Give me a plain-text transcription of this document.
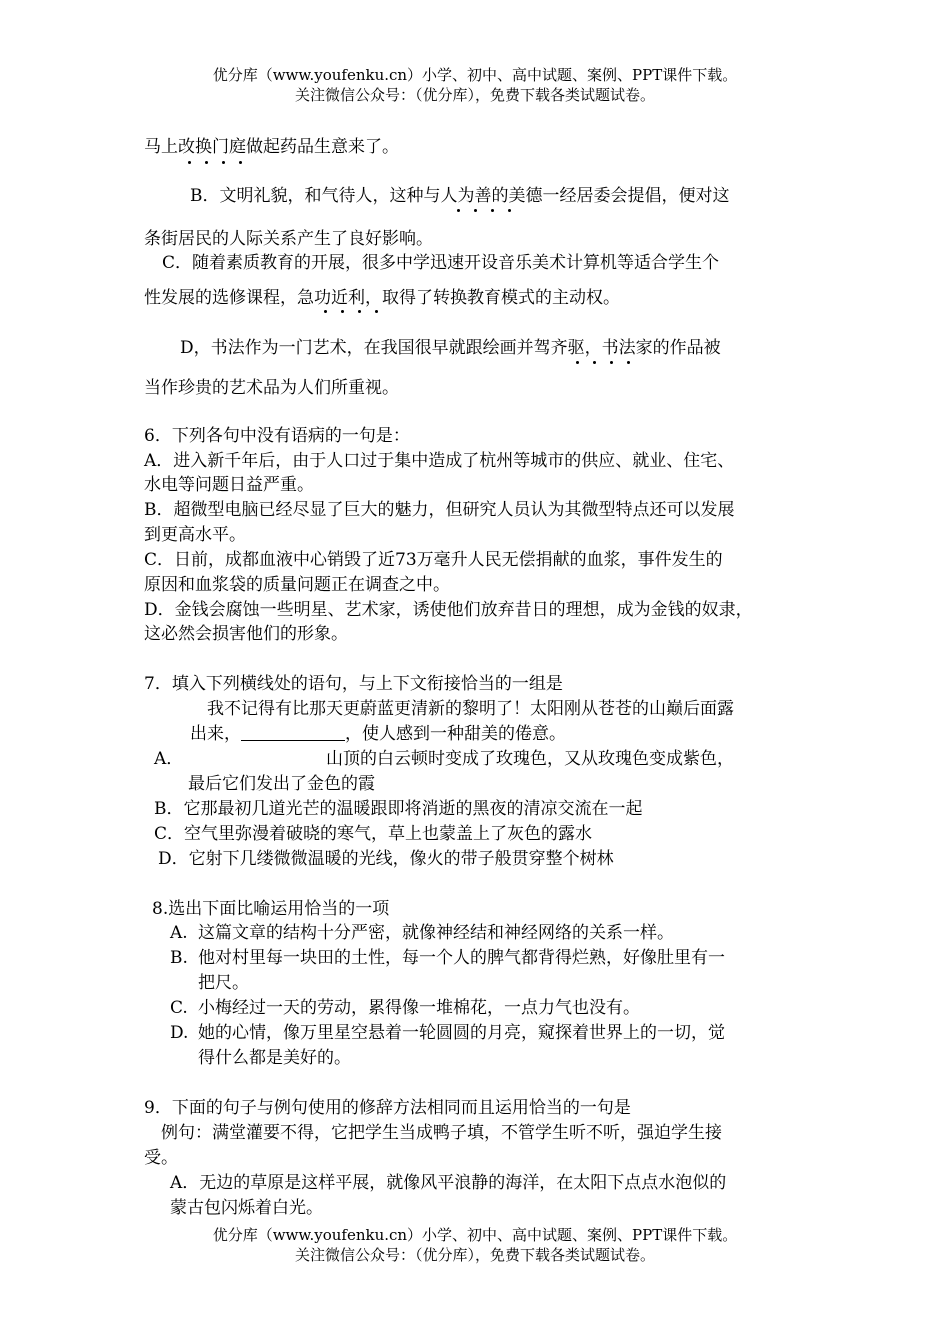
优分库（www.youfenku.cn）小学、初中、高中试题、案例、PPT课件下载。
关注微信公众号：（优分库），免费下载各类试题试卷。
马上改换门庭做起药品生意来了。
B．文明礼貌，和气待人，这种与人为善的美德一经居委会提倡，便对这
条街居民的人际关系产生了良好影响。
C．随着素质教育的开展，很多中学迅速开设音乐美术计算机等适合学生个
性发展的选修课程，急功近利，取得了转换教育模式的主动权。
D，书法作为一门艺术，在我国很早就跟绘画并驾齐驱，书法家的作品被
当作珍贵的艺术品为人们所重视。
6．下列各句中没有语病的一句是：
A．进入新千年后，由于人口过于集中造成了杭州等城市的供应、就业、住宅、
水电等问题日益严重。
B．超微型电脑已经尽显了巨大的魅力，但研究人员认为其微型特点还可以发展
到更高水平。
C．日前，成都血液中心销毁了近73万毫升人民无偿捐献的血浆，事件发生的
原因和血浆袋的质量问题正在调查之中。
D．金钱会腐蚀一些明星、艺术家，诱使他们放弃昔日的理想，成为金钱的奴隶，
这必然会损害他们的形象。
7．填入下列横线处的语句，与上下文衔接恰当的一组是
我不记得有比那天更蔚蓝更清新的黎明了！太阳刚从苍苍的山巅后面露
出来，	，使人感到一种甜美的倦意。
A．	山顶的白云顿时变成了玫瑰色，又从玫瑰色变成紫色，
最后它们发出了金色的霞
B．它那最初几道光芒的温暖跟即将消逝的黑夜的清凉交流在一起
C．空气里弥漫着破晓的寒气，草上也蒙盖上了灰色的露水
D．它射下几缕微微温暖的光线，像火的带子般贯穿整个树林
8.选出下面比喻运用恰当的一项
A. 这篇文章的结构十分严密，就像神经结和神经网络的关系一样。
B. 他对村里每一块田的土性，每一个人的脾气都背得烂熟，好像肚里有一
把尺。
C. 小梅经过一天的劳动，累得像一堆棉花，一点力气也没有。
D. 她的心情，像万里星空悬着一轮圆圆的月亮，窥探着世界上的一切，觉
得什么都是美好的。
9．下面的句子与例句使用的修辞方法相同而且运用恰当的一句是
例句：满堂灌要不得，它把学生当成鸭子填，不管学生听不听，强迫学生接
受。
A．无边的草原是这样平展，就像风平浪静的海洋，在太阳下点点水泡似的
蒙古包闪烁着白光。
优分库（www.youfenku.cn）小学、初中、高中试题、案例、PPT课件下载。
关注微信公众号：（优分库），免费下载各类试题试卷。
